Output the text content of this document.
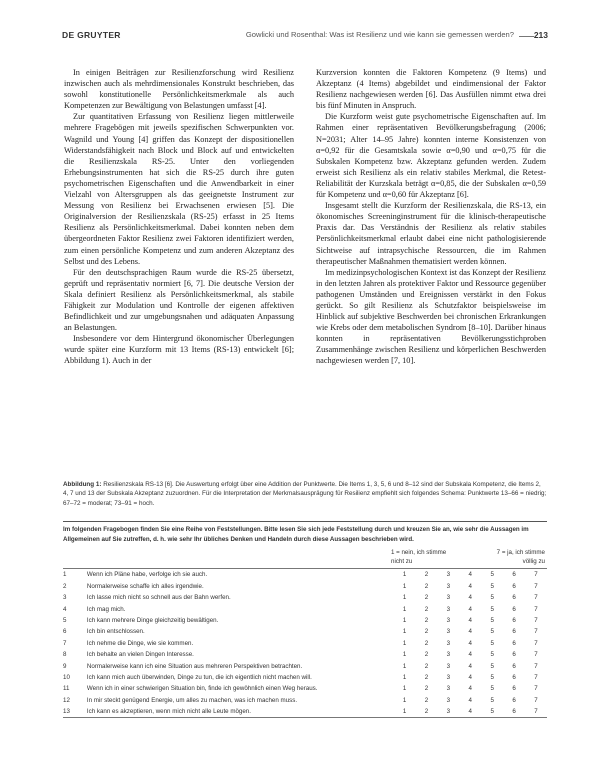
DE GRUYTER	Gowlicki und Rosenthal: Was ist Resilienz und wie kann sie gemessen werden? 213

In einigen Beiträgen zur Resilienzforschung wird Resilienz inzwischen auch als mehrdimensionales Konstrukt beschrieben, das sowohl konstitutionelle Persönlichkeitsmerkmale als auch Kompetenzen zur Bewältigung von Belastungen umfasst [4].

Zur quantitativen Erfassung von Resilienz liegen mittlerweile mehrere Fragebögen mit jeweils spezifischen Schwerpunkten vor. Wagnild und Young [4] griffen das Konzept der dispositionellen Widerstandsfähigkeit nach Block und Block auf und entwickelten die Resilienzskala RS-25. Unter den vorliegenden Erhebungsinstrumenten hat sich die RS-25 durch ihre guten psychometrischen Eigenschaften und die Anwendbarkeit in einer Vielzahl von Altersgruppen als das geeignetste Instrument zur Messung von Resilienz bei Erwachsenen erwiesen [5]. Die Originalversion der Resilienzskala (RS-25) erfasst in 25 Items Resilienz als Persönlichkeitsmerkmal. Dabei konnten neben dem übergeordneten Faktor Resilienz zwei Faktoren identifiziert werden, zum einen persönliche Kompetenz und zum anderen Akzeptanz des Selbst und des Lebens.

Für den deutschsprachigen Raum wurde die RS-25 übersetzt, geprüft und repräsentativ normiert [6, 7]. Die deutsche Version der Skala definiert Resilienz als Persönlichkeitsmerkmal, als stabile Fähigkeit zur Modulation und Kontrolle der eigenen affektiven Befindlichkeit und zur umgebungsnahen und adäquaten Anpassung an Belastungen.

Insbesondere vor dem Hintergrund ökonomischer Überlegungen wurde später eine Kurzform mit 13 Items (RS-13) entwickelt [6]; Abbildung 1). Auch in der

Kurzversion konnten die Faktoren Kompetenz (9 Items) und Akzeptanz (4 Items) abgebildet und eindimensional der Faktor Resilienz nachgewiesen werden [6]. Das Ausfüllen nimmt etwa drei bis fünf Minuten in Anspruch.

Die Kurzform weist gute psychometrische Eigenschaften auf. Im Rahmen einer repräsentativen Bevölkerungsbefragung (2006; N=2031; Alter 14–95 Jahre) konnten interne Konsistenzen von α=0,92 für die Gesamtskala sowie α=0,90 und α=0,75 für die Subskalen Kompetenz bzw. Akzeptanz gefunden werden. Zudem erweist sich Resilienz als ein relativ stabiles Merkmal, die Retest-Reliabilität der Kurzskala beträgt α=0,85, die der Subskalen α=0,59 für Kompetenz und α=0,60 für Akzeptanz [6].

Insgesamt stellt die Kurzform der Resilienzskala, die RS-13, ein ökonomisches Screeninginstrument für die klinisch-therapeutische Praxis dar. Das Verständnis der Resilienz als relativ stabiles Persönlichkeitsmerkmal erlaubt dabei eine nicht pathologisierende Sichtweise auf intrapsychische Ressourcen, die im Rahmen therapeutischer Maßnahmen thematisiert werden können.

Im medizinpsychologischen Kontext ist das Konzept der Resilienz in den letzten Jahren als protektiver Faktor und Ressource gegenüber pathogenen Umständen und Ereignissen verstärkt in den Fokus gerückt. So gilt Resilienz als Schutzfaktor beispielsweise im Hinblick auf subjektive Beschwerden bei chronischen Erkrankungen wie Krebs oder dem metabolischen Syndrom [8–10]. Darüber hinaus konnten in repräsentativen Bevölkerungsstichproben Zusammenhänge zwischen Resilienz und körperlichen Beschwerden nachgewiesen werden [7, 10].

Abbildung 1: Resilienzskala RS-13 [6]. Die Auswertung erfolgt über eine Addition der Punktwerte. Die Items 1, 3, 5, 6 und 8–12 sind der Subskala Kompetenz, die Items 2, 4, 7 und 13 der Subskala Akzeptanz zuzuordnen. Für die Interpretation der Merkmalsausprägung für Resilienz empfiehlt sich folgendes Schema: Punktwerte 13–66 = niedrig; 67–72 = moderat; 73–91 = hoch.
Im folgenden Fragebogen finden Sie eine Reihe von Feststellungen. Bitte lesen Sie sich jede Feststellung durch und kreuzen Sie an, wie sehr die Aussagen im Allgemeinen auf Sie zutreffen, d. h. wie sehr Ihr übliches Denken und Handeln durch diese Aussagen beschrieben wird.
1 = nein, ich stimme nicht zu
7 = ja, ich stimme völlig zu
1	Wenn ich Pläne habe, verfolge ich sie auch.	1	2	3	4	5	6	7
2	Normalerweise schaffe ich alles irgendwie.	1	2	3	4	5	6	7
3	Ich lasse mich nicht so schnell aus der Bahn werfen.	1	2	3	4	5	6	7
4	Ich mag mich.	1	2	3	4	5	6	7
5	Ich kann mehrere Dinge gleichzeitig bewältigen.	1	2	3	4	5	6	7
6	Ich bin entschlossen.	1	2	3	4	5	6	7
7	Ich nehme die Dinge, wie sie kommen.	1	2	3	4	5	6	7
8	Ich behalte an vielen Dingen Interesse.	1	2	3	4	5	6	7
9	Normalerweise kann ich eine Situation aus mehreren Perspektiven betrachten.	1	2	3	4	5	6	7
10	Ich kann mich auch überwinden, Dinge zu tun, die ich eigentlich nicht machen will.	1	2	3	4	5	6	7
11	Wenn ich in einer schwierigen Situation bin, finde ich gewöhnlich einen Weg heraus.	1	2	3	4	5	6	7
12	In mir steckt genügend Energie, um alles zu machen, was ich machen muss.	1	2	3	4	5	6	7
13	Ich kann es akzeptieren, wenn mich nicht alle Leute mögen.	1	2	3	4	5	6	7
